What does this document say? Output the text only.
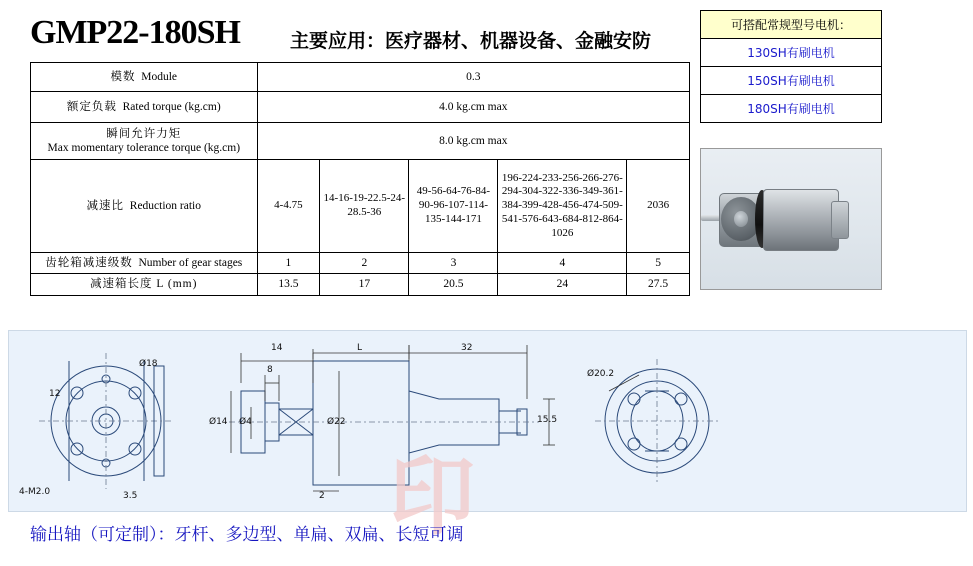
GMP22-180SH	主要应用：医疗器材、机器设备、金融安防
模数 Module	0.3				
额定负载 Rated torque (kg.cm)	4.0 kg.cm max				

瞬间允许力矩
Max momentary tolerance torque (kg.cm)	8.0 kg.cm max				
减速比 Reduction ratio	4-4.75	14-16-19-22.5-24-28.5-36	49-56-64-76-84-90-96-107-114-135-144-171	196-224-233-256-266-276-294-304-322-336-349-361-384-399-428-456-474-509-541-576-643-684-812-864-1026	2036
齿轮箱减速级数 Number of gear stages	1	2	3	4	5
减速箱长度 L (mm)	13.5	17	20.5	24	27.5
可搭配常规型号电机：
130SH有刷电机
150SH有刷电机
180SH有刷电机
印
Ø18
12
4-M2.0	3.5
14	L	32
8
Ø14 Ø4	Ø22	15.5
2
Ø20.2
输出轴（可定制）：牙杆、多边型、单扁、双扁、长短可调
